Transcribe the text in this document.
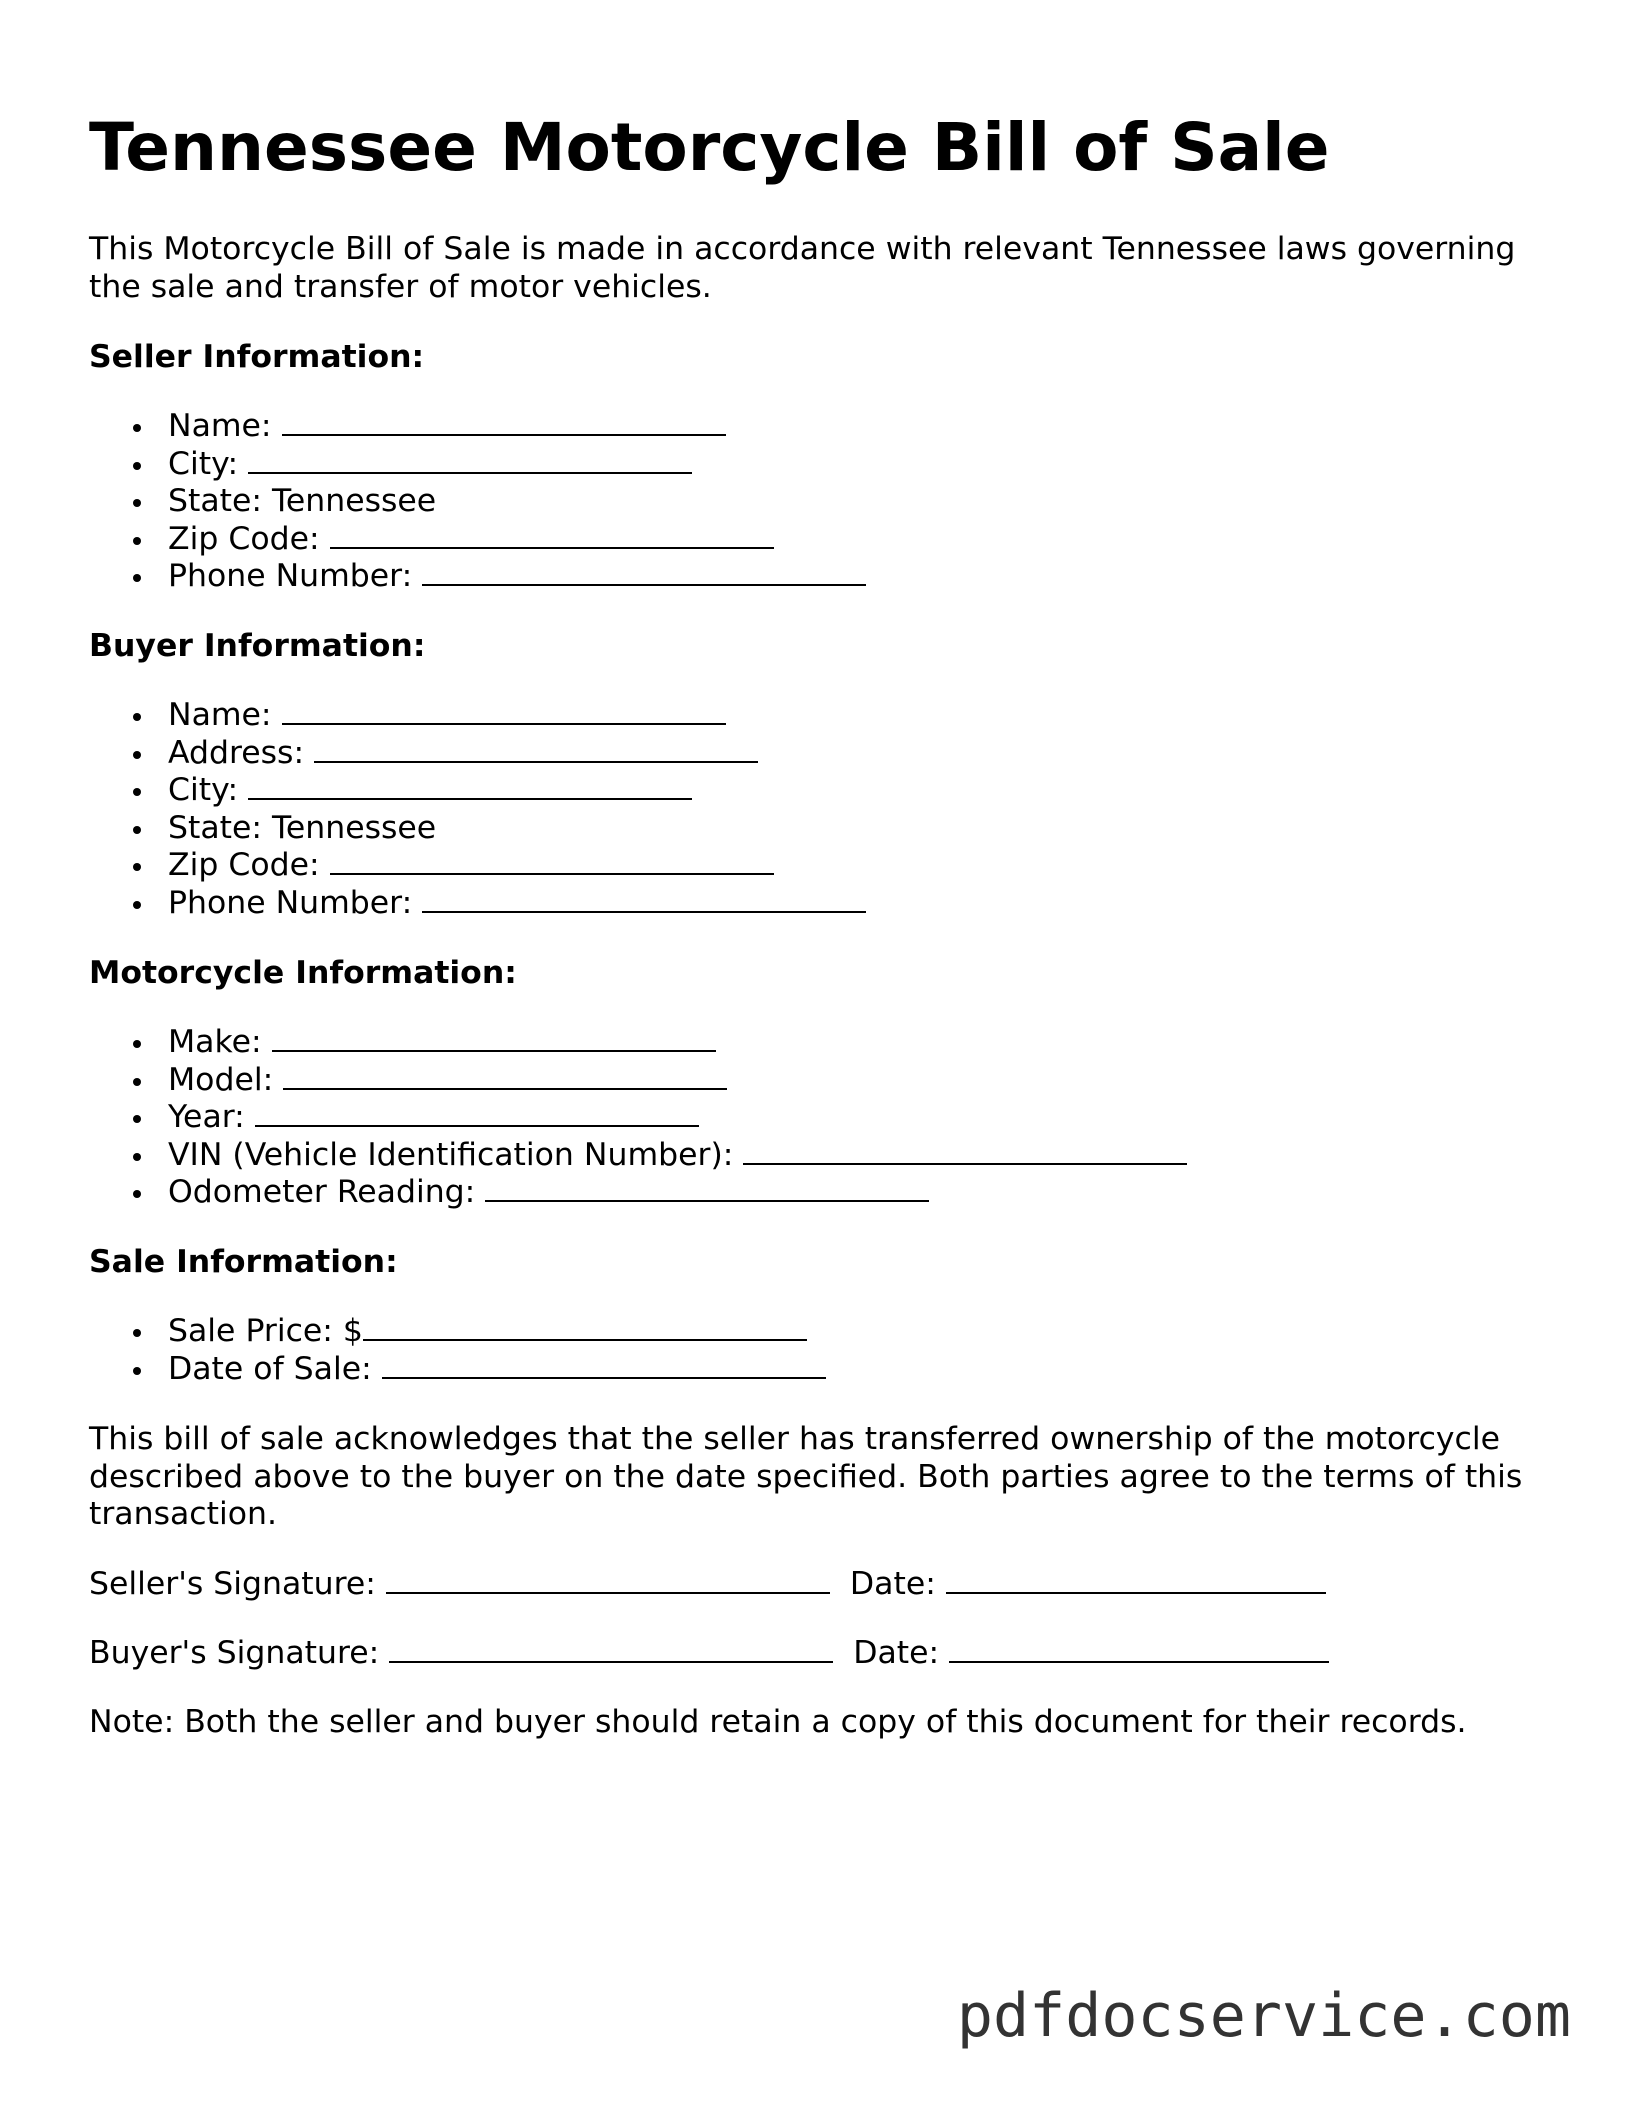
Tennessee Motorcycle Bill of Sale

This Motorcycle Bill of Sale is made in accordance with relevant Tennessee laws governing the sale and transfer of motor vehicles.

Seller Information:
Name:
City:
State: Tennessee
Zip Code:
Phone Number:
Buyer Information:
Name:
Address:
City:
State: Tennessee
Zip Code:
Phone Number:
Motorcycle Information:
Make:
Model:
Year:
VIN (Vehicle Identification Number):
Odometer Reading:
Sale Information:
Sale Price: $
Date of Sale:

This bill of sale acknowledges that the seller has transferred ownership of the motorcycle described above to the buyer on the date specified. Both parties agree to the terms of this transaction.

Seller's Signature:	Date:

Buyer's Signature:	Date:

Note: Both the seller and buyer should retain a copy of this document for their records.

pdfdocservice.com
